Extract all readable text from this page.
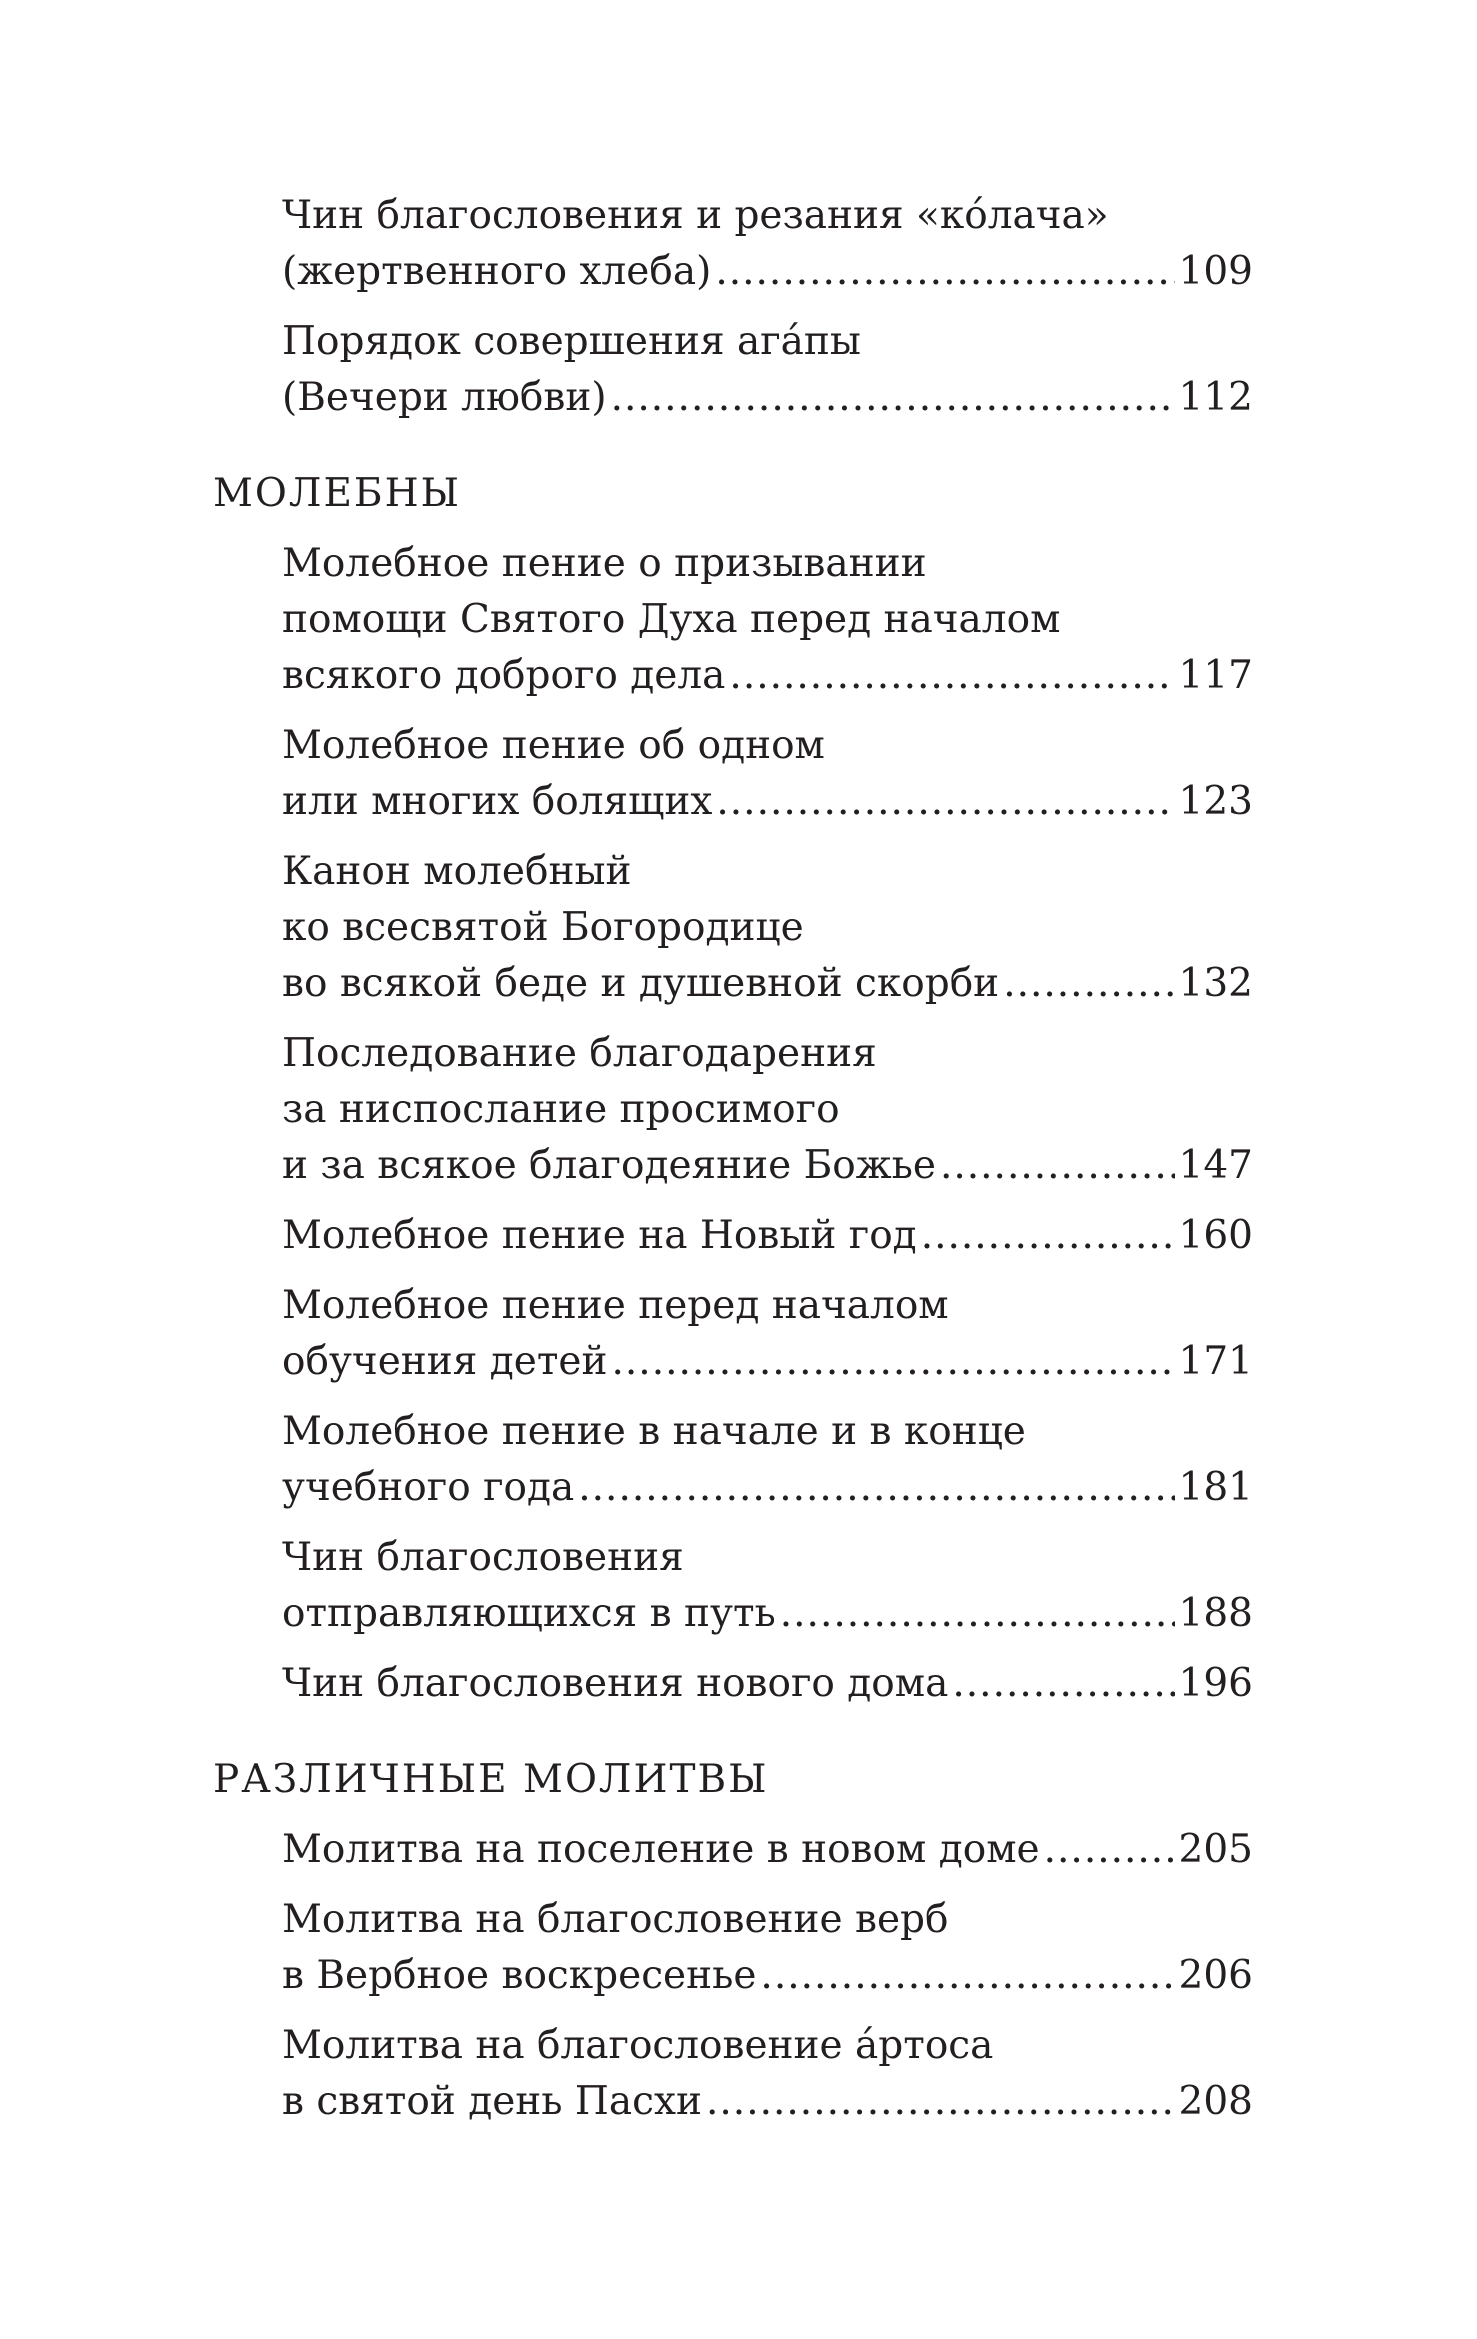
Чин благословения и резания «ко́лача»
(жертвенного хлеба) .....	109
Порядок совершения ага́пы
(Вечери любви) .....	112
МОЛЕБНЫ
Молебное пение о призывании
помощи Святого Духа перед началом
всякого доброго дела .....	117
Молебное пение об одном
или многих болящих .....	123
Канон молебный
ко всесвятой Богородице
во всякой беде и душевной скорби .....	132
Последование благодарения
за ниспослание просимого
и за всякое благодеяние Божье .....	147
Молебное пение на Новый год .....	160
Молебное пение перед началом
обучения детей .....	171
Молебное пение в начале и в конце
учебного года .....	181
Чин благословения
отправляющихся в путь .....	188
Чин благословения нового дома .....	196
РАЗЛИЧНЫЕ МОЛИТВЫ
Молитва на поселение в новом доме .....	205
Молитва на благословение верб
в Вербное воскресенье .....	206
Молитва на благословение а́ртоса
в святой день Пасхи .....	208
